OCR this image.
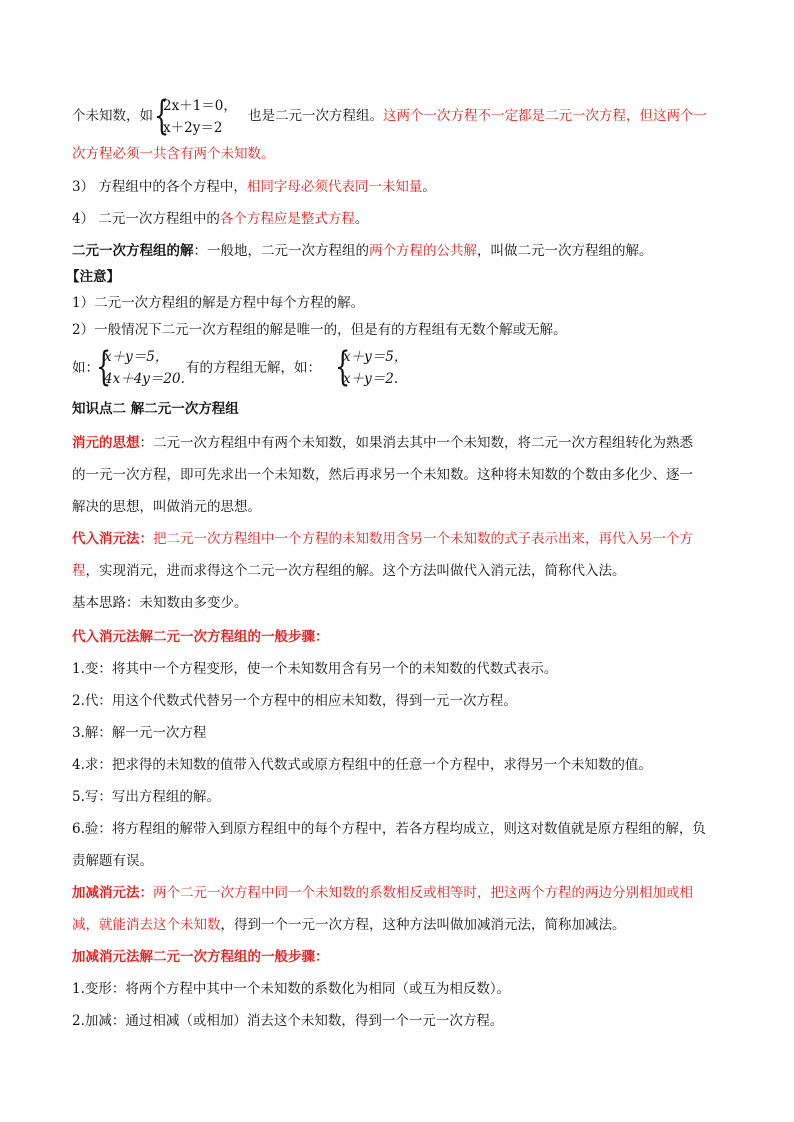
个未知数，如 {
2x＋1＝0，
x＋2y＝2
也是二元一次方程组。这两个一次方程不一定都是二元一次方程，但这两个一
次方程必须一共含有两个未知数。
3） 方程组中的各个方程中，相同字母必须代表同一未知量。
4） 二元一次方程组中的各个方程应是整式方程。
二元一次方程组的解：一般地，二元一次方程组的两个方程的公共解，叫做二元一次方程组的解。
【注意】
1）二元一次方程组的解是方程中每个方程的解。
2）一般情况下二元一次方程组的解是唯一的，但是有的方程组有无数个解或无解。
如：
{
x＋y＝5，
4x＋4y＝20.
有的方程组无解，如： {
x＋y＝5，
x＋y＝2.
知识点二 解二元一次方程组
消元的思想：二元一次方程组中有两个未知数，如果消去其中一个未知数，将二元一次方程组转化为熟悉
的一元一次方程，即可先求出一个未知数，然后再求另一个未知数。这种将未知数的个数由多化少、逐一
解决的思想，叫做消元的思想。
代入消元法：把二元一次方程组中一个方程的未知数用含另一个未知数的式子表示出来，再代入另一个方
程，实现消元，进而求得这个二元一次方程组的解。这个方法叫做代入消元法，简称代入法。
基本思路：未知数由多变少。
代入消元法解二元一次方程组的一般步骤：
1.变：将其中一个方程变形，使一个未知数用含有另一个的未知数的代数式表示。
2.代：用这个代数式代替另一个方程中的相应未知数，得到一元一次方程。
3.解：解一元一次方程
4.求：把求得的未知数的值带入代数式或原方程组中的任意一个方程中，求得另一个未知数的值。
5.写：写出方程组的解。
6.验：将方程组的解带入到原方程组中的每个方程中，若各方程均成立，则这对数值就是原方程组的解，负
责解题有误。
加减消元法：两个二元一次方程中同一个未知数的系数相反或相等时，把这两个方程的两边分别相加或相
减，就能消去这个未知数，得到一个一元一次方程，这种方法叫做加减消元法，简称加减法。
加减消元法解二元一次方程组的一般步骤：
1.变形：将两个方程中其中一个未知数的系数化为相同（或互为相反数）。
2.加减：通过相减（或相加）消去这个未知数，得到一个一元一次方程。
